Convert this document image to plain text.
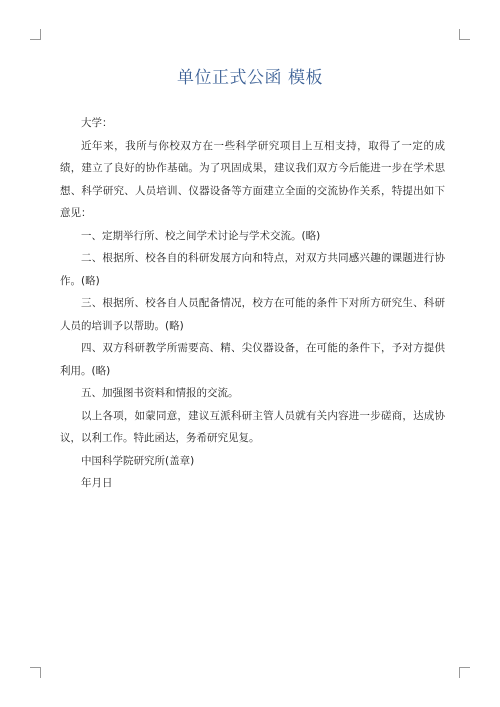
单位正式公函 模板

大学：

近年来，我所与你校双方在一些科学研究项目上互相支持，取得了一定的成绩，建立了良好的协作基础。为了巩固成果，建议我们双方今后能进一步在学术思想、科学研究、人员培训、仪器设备等方面建立全面的交流协作关系，特提出如下意见：

一、定期举行所、校之间学术讨论与学术交流。(略)

二、根据所、校各自的科研发展方向和特点，对双方共同感兴趣的课题进行协作。(略)

三、根据所、校各自人员配备情况，校方在可能的条件下对所方研究生、科研人员的培训予以帮助。(略)

四、双方科研教学所需要高、精、尖仪器设备，在可能的条件下，予对方提供利用。(略)

五、加强图书资料和情报的交流。

以上各项，如蒙同意，建议互派科研主管人员就有关内容进一步磋商，达成协议，以利工作。特此函达，务希研究见复。

中国科学院研究所(盖章)

年月日
